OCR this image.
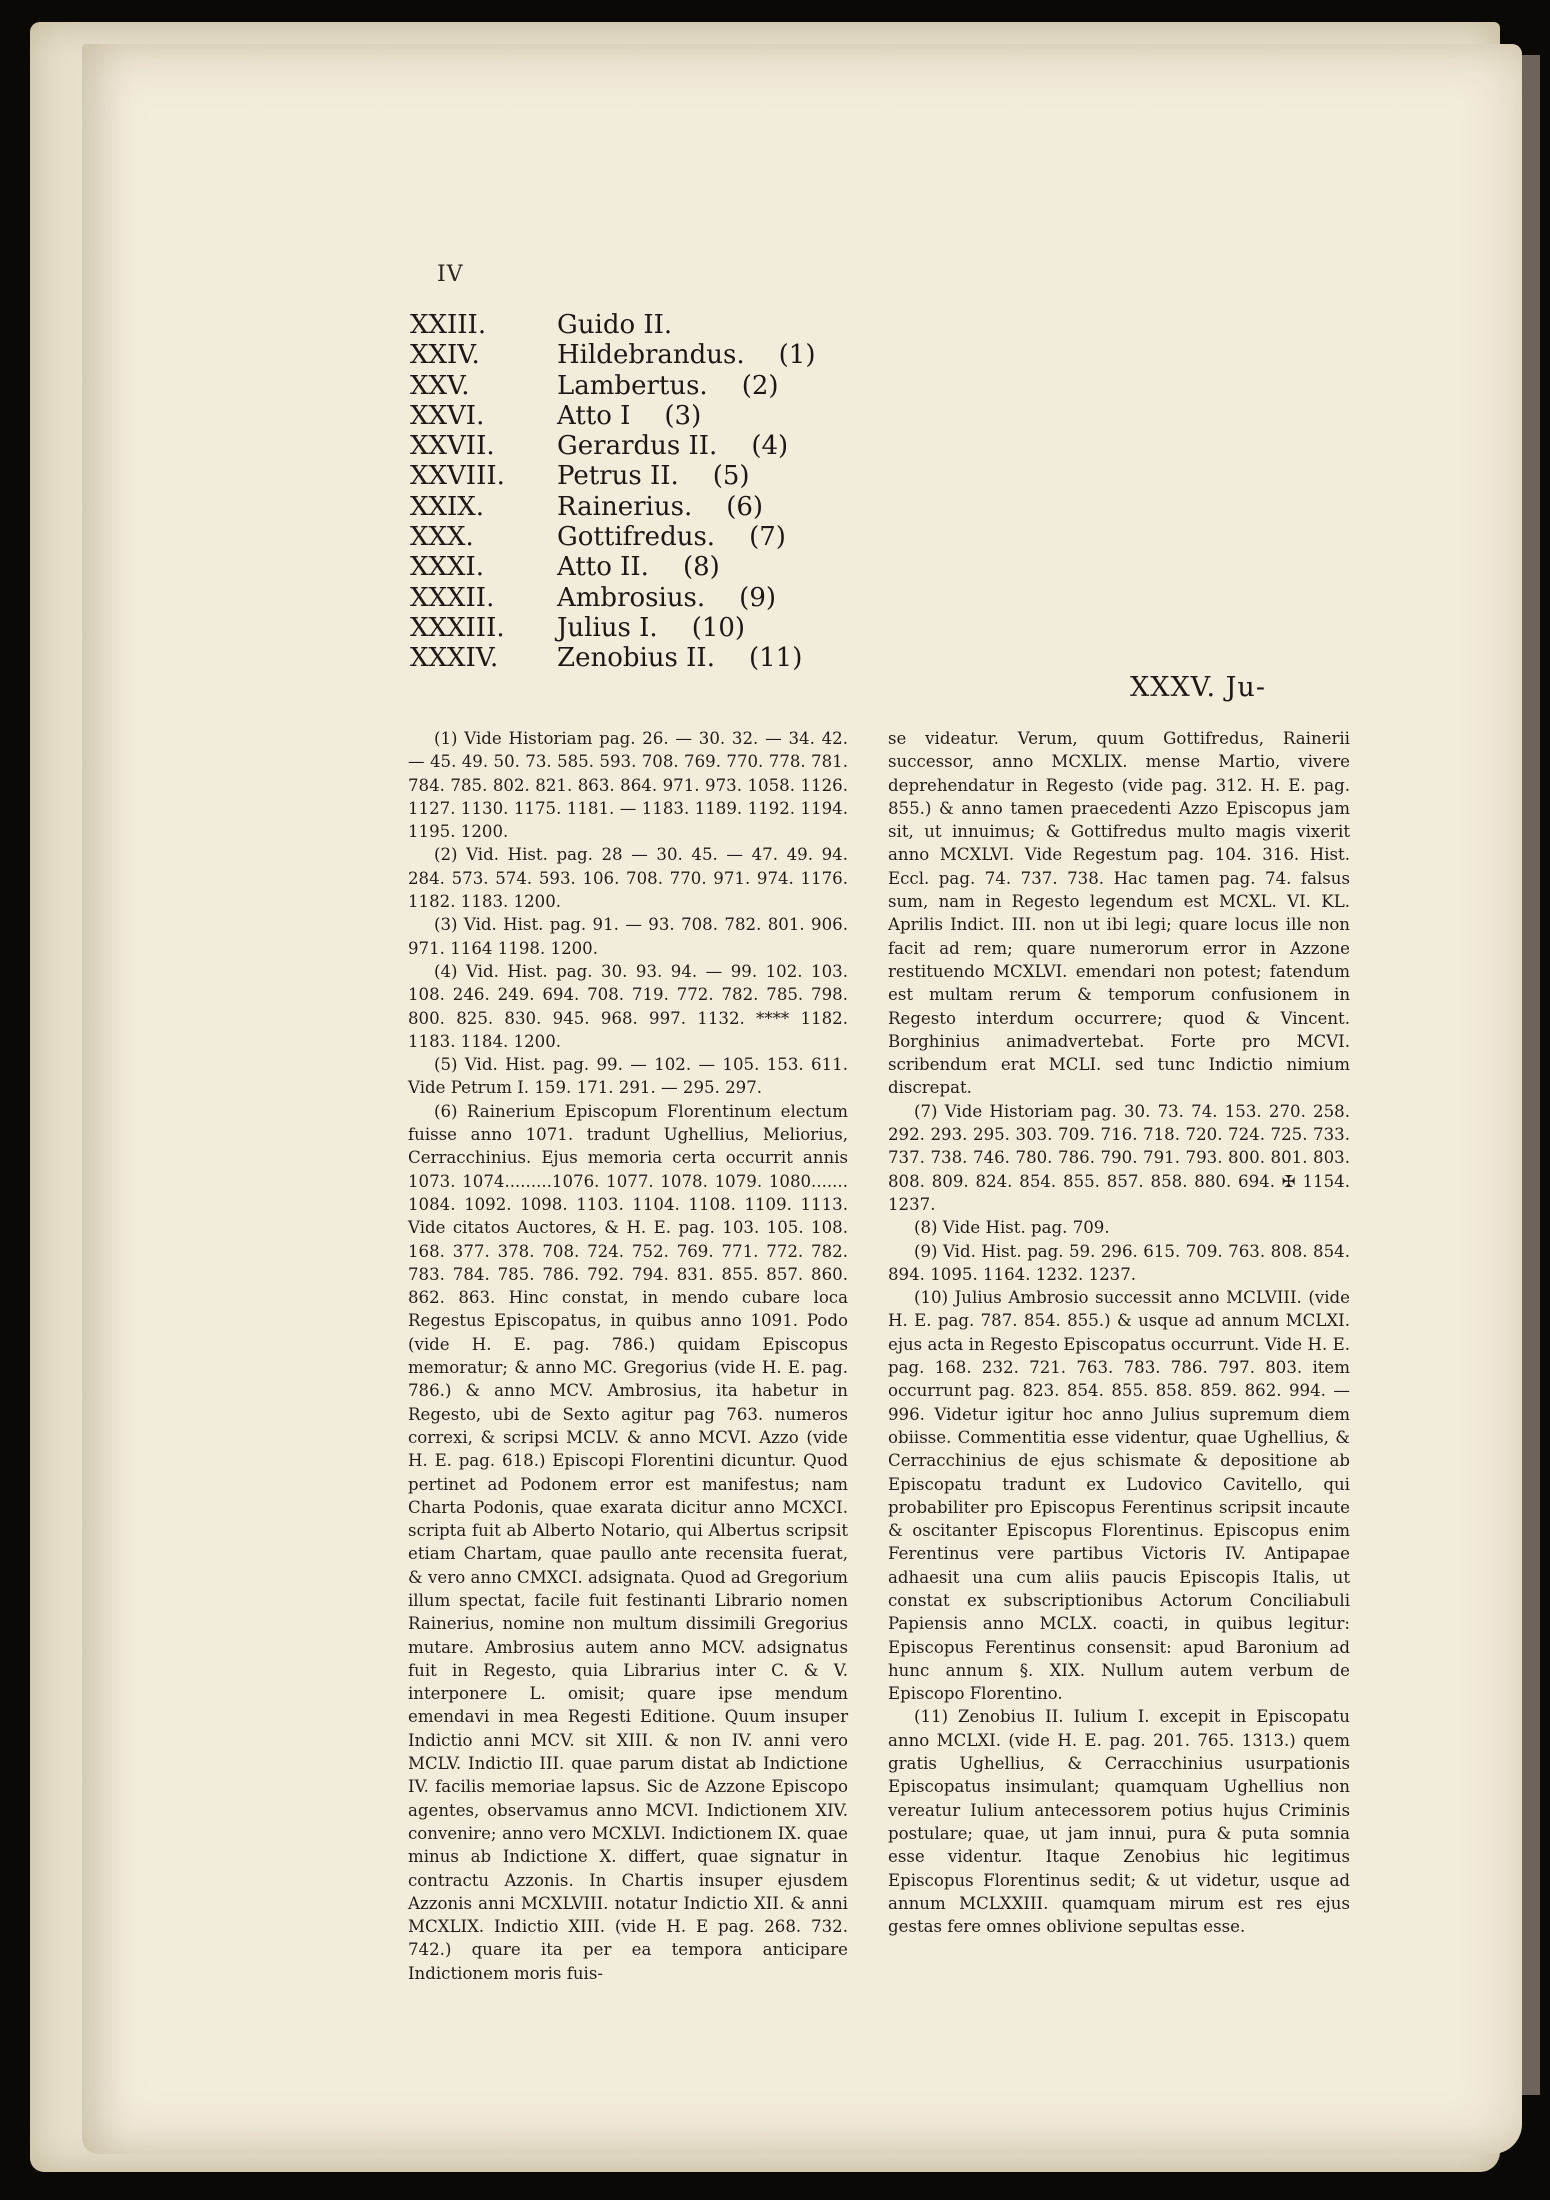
IV
XXIII.	Guido II.
XXIV.	Hildebrandus. (1)
XXV.	Lambertus. (2)
XXVI.	Atto I (3)
XXVII.	Gerardus II. (4)
XXVIII.	Petrus II. (5)
XXIX.	Rainerius. (6)
XXX.	Gottifredus. (7)
XXXI.	Atto II. (8)
XXXII.	Ambrosius. (9)
XXXIII.	Julius I. (10)
XXXIV.	Zenobius II. (11)
XXXV. Ju-

(1) Vide Historiam pag. 26. — 30. 32. — 34. 42. — 45. 49. 50. 73. 585. 593. 708. 769. 770. 778. 781. 784. 785. 802. 821. 863. 864. 971. 973. 1058. 1126. 1127. 1130. 1175. 1181. — 1183. 1189. 1192. 1194. 1195. 1200.

(2) Vid. Hist. pag. 28 — 30. 45. — 47. 49. 94. 284. 573. 574. 593. 106. 708. 770. 971. 974. 1176. 1182. 1183. 1200.

(3) Vid. Hist. pag. 91. — 93. 708. 782. 801. 906. 971. 1164 1198. 1200.

(4) Vid. Hist. pag. 30. 93. 94. — 99. 102. 103. 108. 246. 249. 694. 708. 719. 772. 782. 785. 798. 800. 825. 830. 945. 968. 997. 1132. **** 1182. 1183. 1184. 1200.

(5) Vid. Hist. pag. 99. — 102. — 105. 153. 611. Vide Petrum I. 159. 171. 291. — 295. 297.

(6) Rainerium Episcopum Florentinum electum fuisse anno 1071. tradunt Ughellius, Meliorius, Cerracchinius. Ejus memoria certa occurrit annis 1073. 1074.........1076. 1077. 1078. 1079. 1080....... 1084. 1092. 1098. 1103. 1104. 1108. 1109. 1113. Vide citatos Auctores, & H. E. pag. 103. 105. 108. 168. 377. 378. 708. 724. 752. 769. 771. 772. 782. 783. 784. 785. 786. 792. 794. 831. 855. 857. 860. 862. 863. Hinc constat, in mendo cubare loca Regestus Episcopatus, in quibus anno 1091. Podo (vide H. E. pag. 786.) quidam Episcopus memoratur; & anno MC. Gregorius (vide H. E. pag. 786.) & anno MCV. Ambrosius, ita habetur in Regesto, ubi de Sexto agitur pag 763. numeros correxi, & scripsi MCLV. & anno MCVI. Azzo (vide H. E. pag. 618.) Episcopi Florentini dicuntur. Quod pertinet ad Podonem error est manifestus; nam Charta Podonis, quae exarata dicitur anno MCXCI. scripta fuit ab Alberto Notario, qui Albertus scripsit etiam Chartam, quae paullo ante recensita fuerat, & vero anno CMXCI. adsignata. Quod ad Gregorium illum spectat, facile fuit festinanti Librario nomen Rainerius, nomine non multum dissimili Gregorius mutare. Ambrosius autem anno MCV. adsignatus fuit in Regesto, quia Librarius inter C. & V. interponere L. omisit; quare ipse mendum emendavi in mea Regesti Editione. Quum insuper Indictio anni MCV. sit XIII. & non IV. anni vero MCLV. Indictio III. quae parum distat ab Indictione IV. facilis memoriae lapsus. Sic de Azzone Episcopo agentes, observamus anno MCVI. Indictionem XIV. convenire; anno vero MCXLVI. Indictionem IX. quae minus ab Indictione X. differt, quae signatur in contractu Azzonis. In Chartis insuper ejusdem Azzonis anni MCXLVIII. notatur Indictio XII. & anni MCXLIX. Indictio XIII. (vide H. E pag. 268. 732. 742.) quare ita per ea tempora anticipare Indictionem moris fuis-

se videatur. Verum, quum Gottifredus, Rainerii successor, anno MCXLIX. mense Martio, vivere deprehendatur in Regesto (vide pag. 312. H. E. pag. 855.) & anno tamen praecedenti Azzo Episcopus jam sit, ut innuimus; & Gottifredus multo magis vixerit anno MCXLVI. Vide Regestum pag. 104. 316. Hist. Eccl. pag. 74. 737. 738. Hac tamen pag. 74. falsus sum, nam in Regesto legendum est MCXL. VI. KL. Aprilis Indict. III. non ut ibi legi; quare locus ille non facit ad rem; quare numerorum error in Azzone restituendo MCXLVI. emendari non potest; fatendum est multam rerum & temporum confusionem in Regesto interdum occurrere; quod & Vincent. Borghinius animadvertebat. Forte pro MCVI. scribendum erat MCLI. sed tunc Indictio nimium discrepat.

(7) Vide Historiam pag. 30. 73. 74. 153. 270. 258. 292. 293. 295. 303. 709. 716. 718. 720. 724. 725. 733. 737. 738. 746. 780. 786. 790. 791. 793. 800. 801. 803. 808. 809. 824. 854. 855. 857. 858. 880. 694. ✠ 1154. 1237.

(8) Vide Hist. pag. 709.

(9) Vid. Hist. pag. 59. 296. 615. 709. 763. 808. 854. 894. 1095. 1164. 1232. 1237.

(10) Julius Ambrosio successit anno MCLVIII. (vide H. E. pag. 787. 854. 855.) & usque ad annum MCLXI. ejus acta in Regesto Episcopatus occurrunt. Vide H. E. pag. 168. 232. 721. 763. 783. 786. 797. 803. item occurrunt pag. 823. 854. 855. 858. 859. 862. 994. — 996. Videtur igitur hoc anno Julius supremum diem obiisse. Commentitia esse videntur, quae Ughellius, & Cerracchinius de ejus schismate & depositione ab Episcopatu tradunt ex Ludovico Cavitello, qui probabiliter pro Episcopus Ferentinus scripsit incaute & oscitanter Episcopus Florentinus. Episcopus enim Ferentinus vere partibus Victoris IV. Antipapae adhaesit una cum aliis paucis Episcopis Italis, ut constat ex subscriptionibus Actorum Conciliabuli Papiensis anno MCLX. coacti, in quibus legitur: Episcopus Ferentinus consensit: apud Baronium ad hunc annum §. XIX. Nullum autem verbum de Episcopo Florentino.

(11) Zenobius II. Iulium I. excepit in Episcopatu anno MCLXI. (vide H. E. pag. 201. 765. 1313.) quem gratis Ughellius, & Cerracchinius usurpationis Episcopatus insimulant; quamquam Ughellius non vereatur Iulium antecessorem potius hujus Criminis postulare; quae, ut jam innui, pura & puta somnia esse videntur. Itaque Zenobius hic legitimus Episcopus Florentinus sedit; & ut videtur, usque ad annum MCLXXIII. quamquam mirum est res ejus gestas fere omnes oblivione sepultas esse.
